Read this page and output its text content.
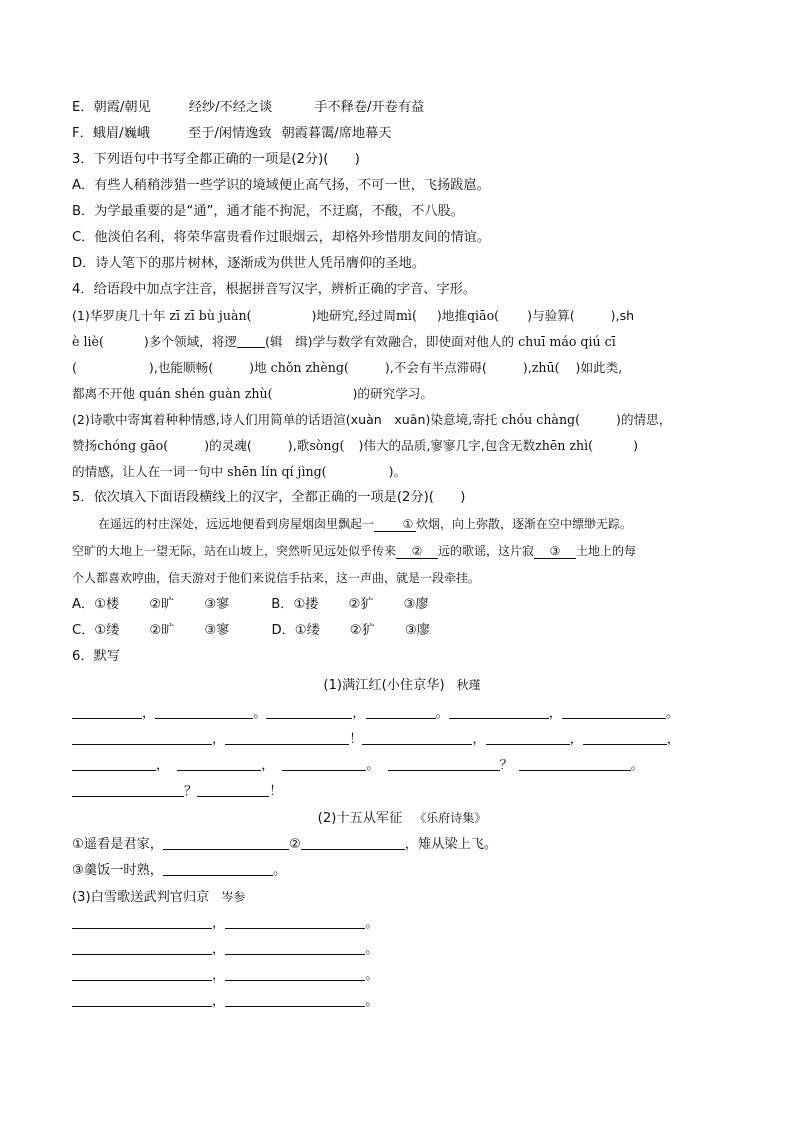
E．朝霞/朝见	经纱/不经之谈	手不释卷/开卷有益
F．蛾眉/巍峨	至于/闲情逸致 朝霞暮霭/席地幕天
3．下列语句中书写全都正确的一项是(2分)(　　)
A．有些人稍稍涉猎一些学识的境域便止高气扬，不可一世，飞扬跋扈。
B．为学最重要的是“通”，通才能不拘泥，不迂腐，不酸，不八股。
C．他淡伯名利，将荣华富贵看作过眼烟云，却格外珍惜朋友间的情谊。
D．诗人笔下的那片树林，逐渐成为供世人凭吊膺仰的圣地。
4．给语段中加点字注音，根据拼音写汉字，辨析正确的字音、字形。
(1)华罗庚几十年 zī zī bù juàn(	)地研究,经过周mì( )地推qiāo( )与验算(	),sh
è liè(	)多个领域，将逻 (辑　缉)学与数学有效融合，即使面对他人的 chuī máo qiú cī
(	),也能顺畅(	)地 chǒn zhèng(	),不会有半点滞碍(	),zhū( )如此类,
都离不开他 quán shén guàn zhù(	)的研究学习。
(2)诗歌中寄寓着种种情感,诗人们用简单的话语渲(xuàn　xuān)染意境,寄托 chóu chàng(	)的情思，
赞扬chóng gāo(	)的灵魂(	),歌sòng( )伟大的品质,寥寥几字,包含无数zhēn zhì(	)
的情感，让人在一词一句中 shēn lín qí jìng(	)。
5．依次填入下面语段横线上的汉字，全都正确的一项是(2分)(　　)
在遥远的村庄深处，远远地便看到房屋烟囱里飘起一 ① 炊烟，向上弥散，逐渐在空中缥缈无踪。
空旷的大地上一望无际，站在山坡上，突然听见远处似乎传来 ② 远的歌谣，这片寂 ③ 土地上的每
个人都喜欢哼曲，信天游对于他们来说信手拈来，这一声曲，就是一段牵挂。
A．①楼 ②旷 ③寥	B．①搂 ②犷 ③廖
C．①缕 ②旷 ③寥	D．①缕 ②犷 ③廖
6．默写
(1)满江红(小住京华) 秋瑾
，	。	，	。	，	。
，	！	，	，	，
，	，	。	？	。
？	！
(2)十五从军征 《乐府诗集》
①遥看是君家，	②	，雉从梁上飞。
③羹饭一时熟，	。
(3)白雪歌送武判官归京 岑参
，	。
，	。
，	。
，	。
